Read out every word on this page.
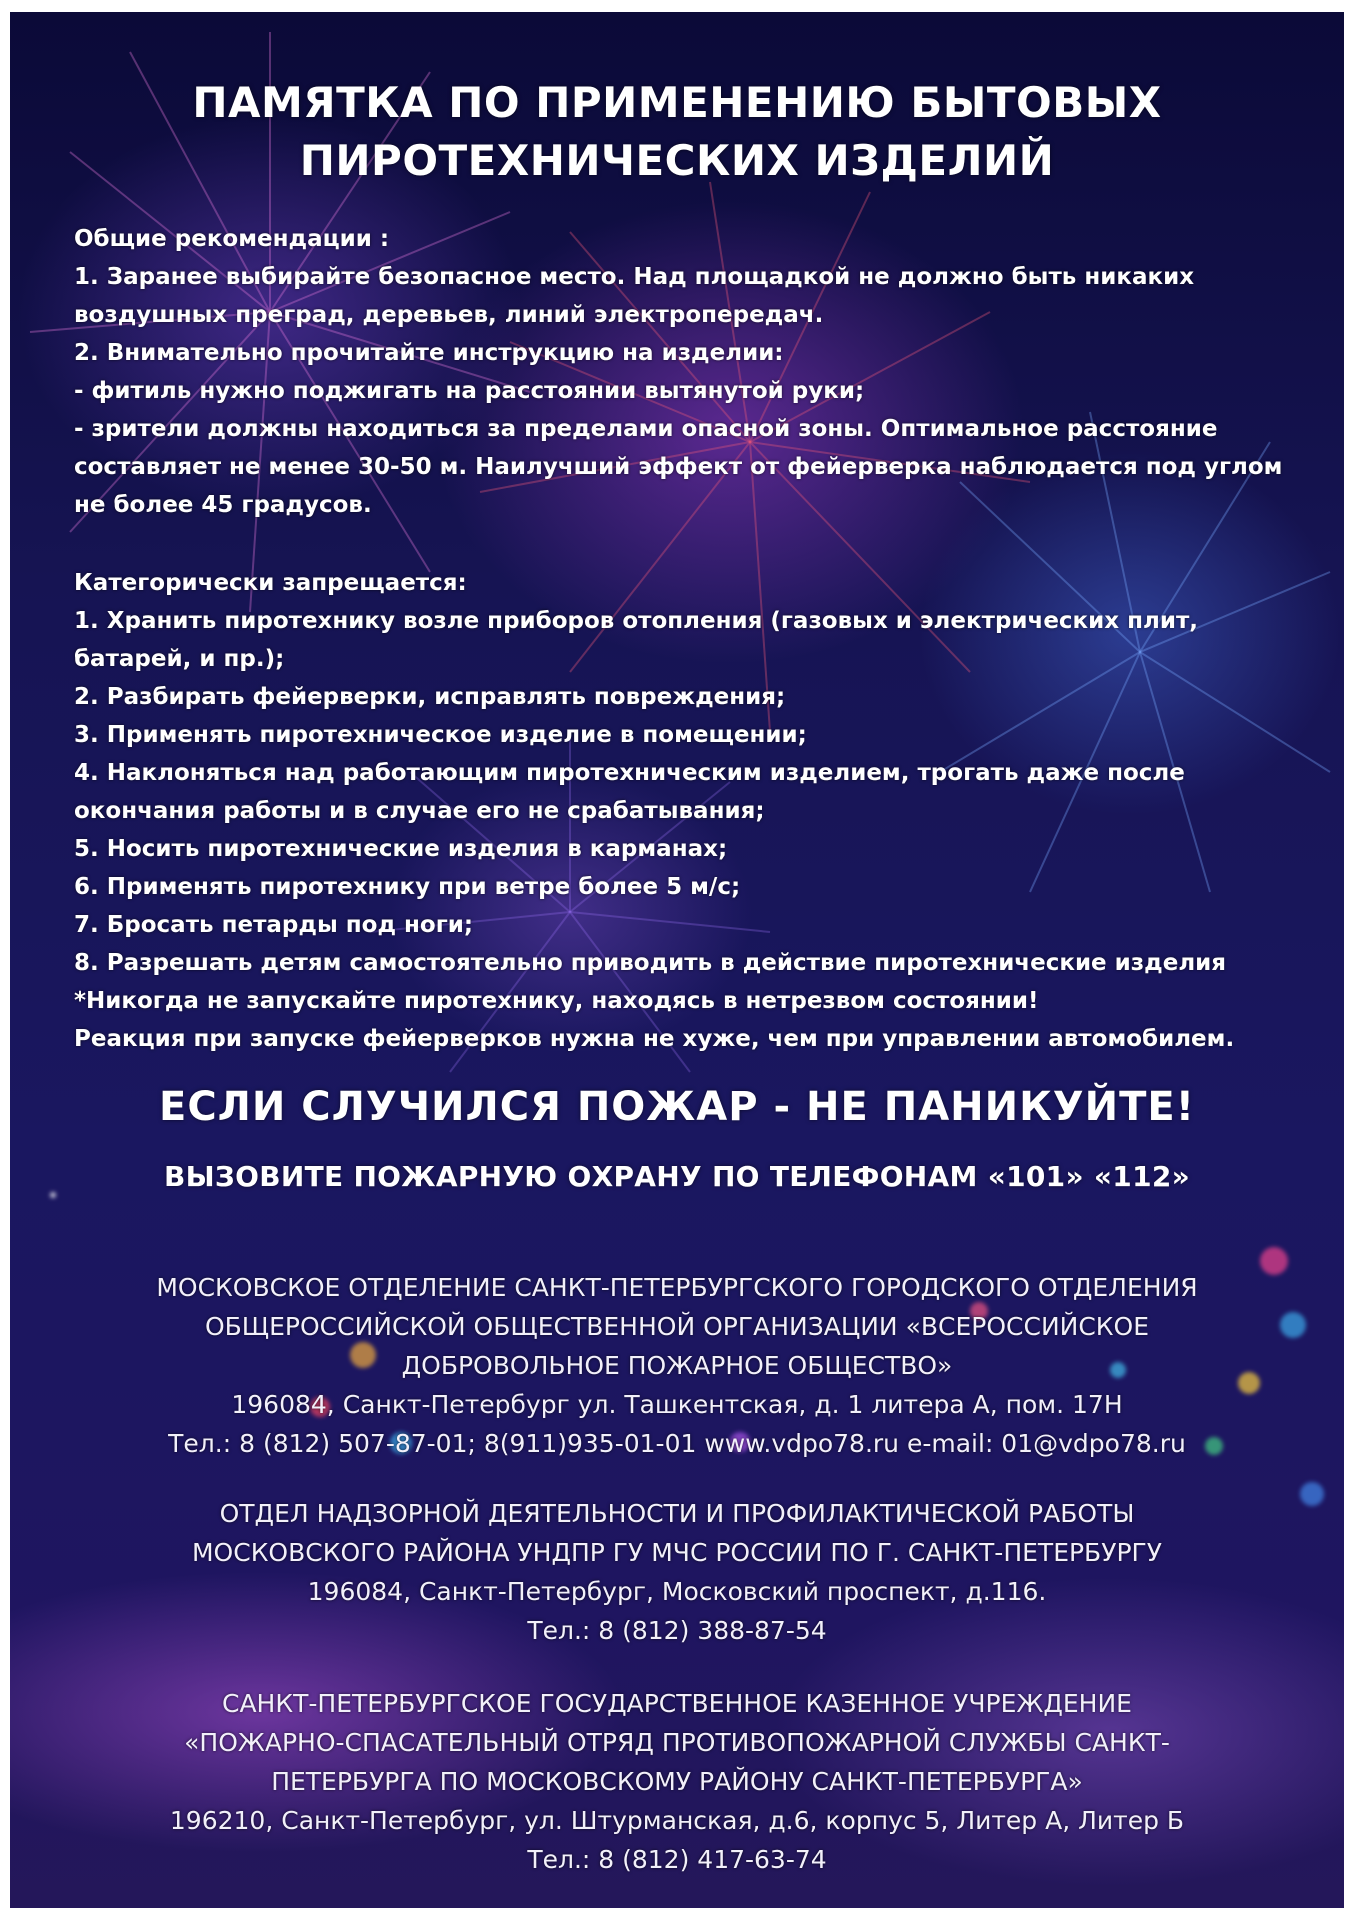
ПАМЯТКА ПО ПРИМЕНЕНИЮ БЫТОВЫХ
ПИРОТЕХНИЧЕСКИХ ИЗДЕЛИЙ
Общие рекомендации :
1. Заранее выбирайте безопасное место. Над площадкой не должно быть никаких
воздушных преград, деревьев, линий электропередач.
2. Внимательно прочитайте инструкцию на изделии:
- фитиль нужно поджигать на расстоянии вытянутой руки;
- зрители должны находиться за пределами опасной зоны. Оптимальное расстояние
составляет не менее 30-50 м. Наилучший эффект от фейерверка наблюдается под углом
не более 45 градусов.
Категорически запрещается:
1. Хранить пиротехнику возле приборов отопления (газовых и электрических плит,
батарей, и пр.);
2. Разбирать фейерверки, исправлять повреждения;
3. Применять пиротехническое изделие в помещении;
4. Наклоняться над работающим пиротехническим изделием, трогать даже после
окончания работы и в случае его не срабатывания;
5. Носить пиротехнические изделия в карманах;
6. Применять пиротехнику при ветре более 5 м/с;
7. Бросать петарды под ноги;
8. Разрешать детям самостоятельно приводить в действие пиротехнические изделия
*Никогда не запускайте пиротехнику, находясь в нетрезвом состоянии!
Реакция при запуске фейерверков нужна не хуже, чем при управлении автомобилем.
ЕСЛИ СЛУЧИЛСЯ ПОЖАР - НЕ ПАНИКУЙТЕ!
ВЫЗОВИТЕ ПОЖАРНУЮ ОХРАНУ ПО ТЕЛЕФОНАМ «101» «112»
МОСКОВСКОЕ ОТДЕЛЕНИЕ САНКТ-ПЕТЕРБУРГСКОГО ГОРОДСКОГО ОТДЕЛЕНИЯ
ОБЩЕРОССИЙСКОЙ ОБЩЕСТВЕННОЙ ОРГАНИЗАЦИИ «ВСЕРОССИЙСКОЕ
ДОБРОВОЛЬНОЕ ПОЖАРНОЕ ОБЩЕСТВО»
196084, Санкт-Петербург ул. Ташкентская, д. 1 литера А, пом. 17Н
Тел.: 8 (812) 507-87-01; 8(911)935-01-01 www.vdpo78.ru e-mail: 01@vdpo78.ru
ОТДЕЛ НАДЗОРНОЙ ДЕЯТЕЛЬНОСТИ И ПРОФИЛАКТИЧЕСКОЙ РАБОТЫ
МОСКОВСКОГО РАЙОНА УНДПР ГУ МЧС РОССИИ ПО Г. САНКТ-ПЕТЕРБУРГУ
196084, Санкт-Петербург, Московский проспект, д.116.
Тел.: 8 (812) 388-87-54
САНКТ-ПЕТЕРБУРГСКОЕ ГОСУДАРСТВЕННОЕ КАЗЕННОЕ УЧРЕЖДЕНИЕ
«ПОЖАРНО-СПАСАТЕЛЬНЫЙ ОТРЯД ПРОТИВОПОЖАРНОЙ СЛУЖБЫ САНКТ-
ПЕТЕРБУРГА ПО МОСКОВСКОМУ РАЙОНУ САНКТ-ПЕТЕРБУРГА»
196210, Санкт-Петербург, ул. Штурманская, д.6, корпус 5, Литер А, Литер Б
Тел.: 8 (812) 417-63-74
